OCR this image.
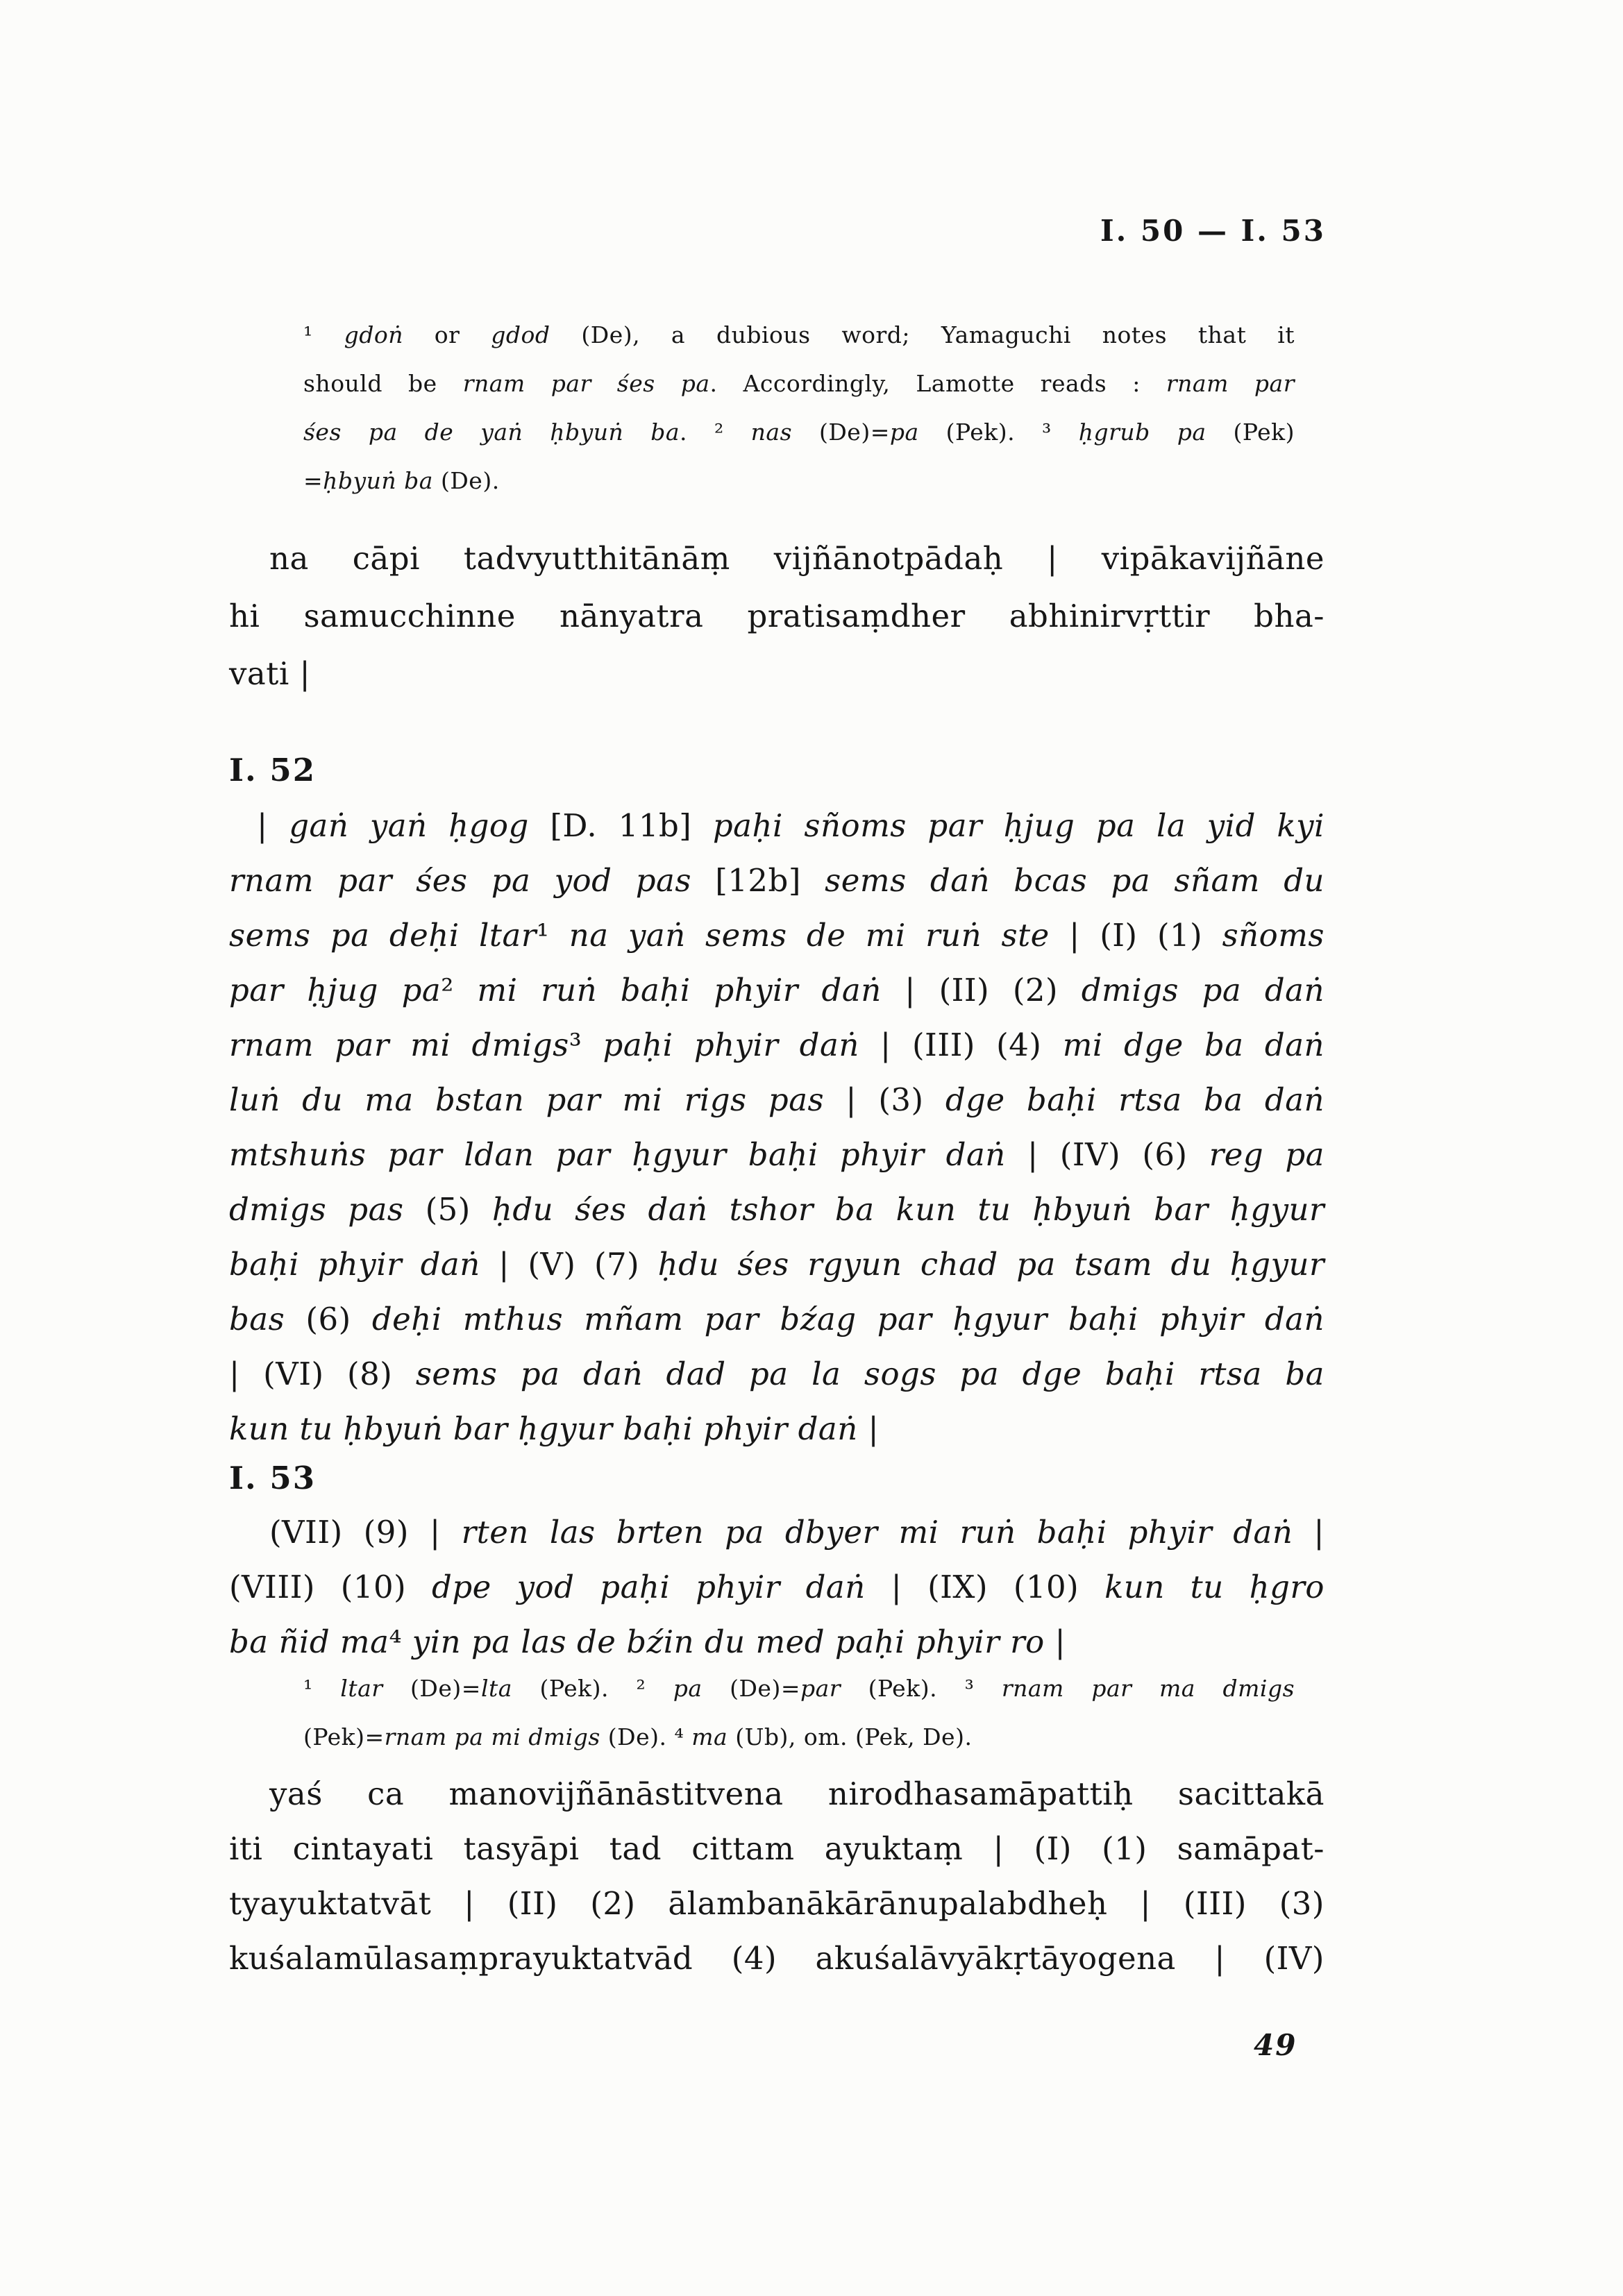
I. 50 — I. 53
¹ gdoṅ or gdod (De), a dubious word; Yamaguchi notes that it
should be rnam par śes pa. Accordingly, Lamotte reads : rnam par
śes pa de yaṅ ḥbyuṅ ba. ² nas (De)=pa (Pek). ³ ḥgrub pa (Pek)
=ḥbyuṅ ba (De).
na cāpi tadvyutthitānāṃ vijñānotpādaḥ | vipākavijñāne
hi samucchinne nānyatra pratisaṃdher abhinirvṛttir bha-
vati |
I. 52
| gaṅ yaṅ ḥgog [D. 11b] paḥi sñoms par ḥjug pa la yid kyi
rnam par śes pa yod pas [12b] sems daṅ bcas pa sñam du
sems pa deḥi ltar¹ na yaṅ sems de mi ruṅ ste | (I) (1) sñoms
par ḥjug pa² mi ruṅ baḥi phyir daṅ | (II) (2) dmigs pa daṅ
rnam par mi dmigs³ paḥi phyir daṅ | (III) (4) mi dge ba daṅ
luṅ du ma bstan par mi rigs pas | (3) dge baḥi rtsa ba daṅ
mtshuṅs par ldan par ḥgyur baḥi phyir daṅ | (IV) (6) reg pa
dmigs pas (5) ḥdu śes daṅ tshor ba kun tu ḥbyuṅ bar ḥgyur
baḥi phyir daṅ | (V) (7) ḥdu śes rgyun chad pa tsam du ḥgyur
bas (6) deḥi mthus mñam par bźag par ḥgyur baḥi phyir daṅ
| (VI) (8) sems pa daṅ dad pa la sogs pa dge baḥi rtsa ba
kun tu ḥbyuṅ bar ḥgyur baḥi phyir daṅ |
I. 53
(VII) (9) | rten las brten pa dbyer mi ruṅ baḥi phyir daṅ |
(VIII) (10) dpe yod paḥi phyir daṅ | (IX) (10) kun tu ḥgro
ba ñid ma⁴ yin pa las de bźin du med paḥi phyir ro |
¹ ltar (De)=lta (Pek). ² pa (De)=par (Pek). ³ rnam par ma dmigs
(Pek)=rnam pa mi dmigs (De). ⁴ ma (Ub), om. (Pek, De).
yaś ca manovijñānāstitvena nirodhasamāpattiḥ sacittakā
iti cintayati tasyāpi tad cittam ayuktaṃ | (I) (1) samāpat-
tyayuktatvāt | (II) (2) ālambanākārānupalabdheḥ | (III) (3)
kuśalamūlasaṃprayuktatvād (4) akuśalāvyākṛtāyogena | (IV)
49
